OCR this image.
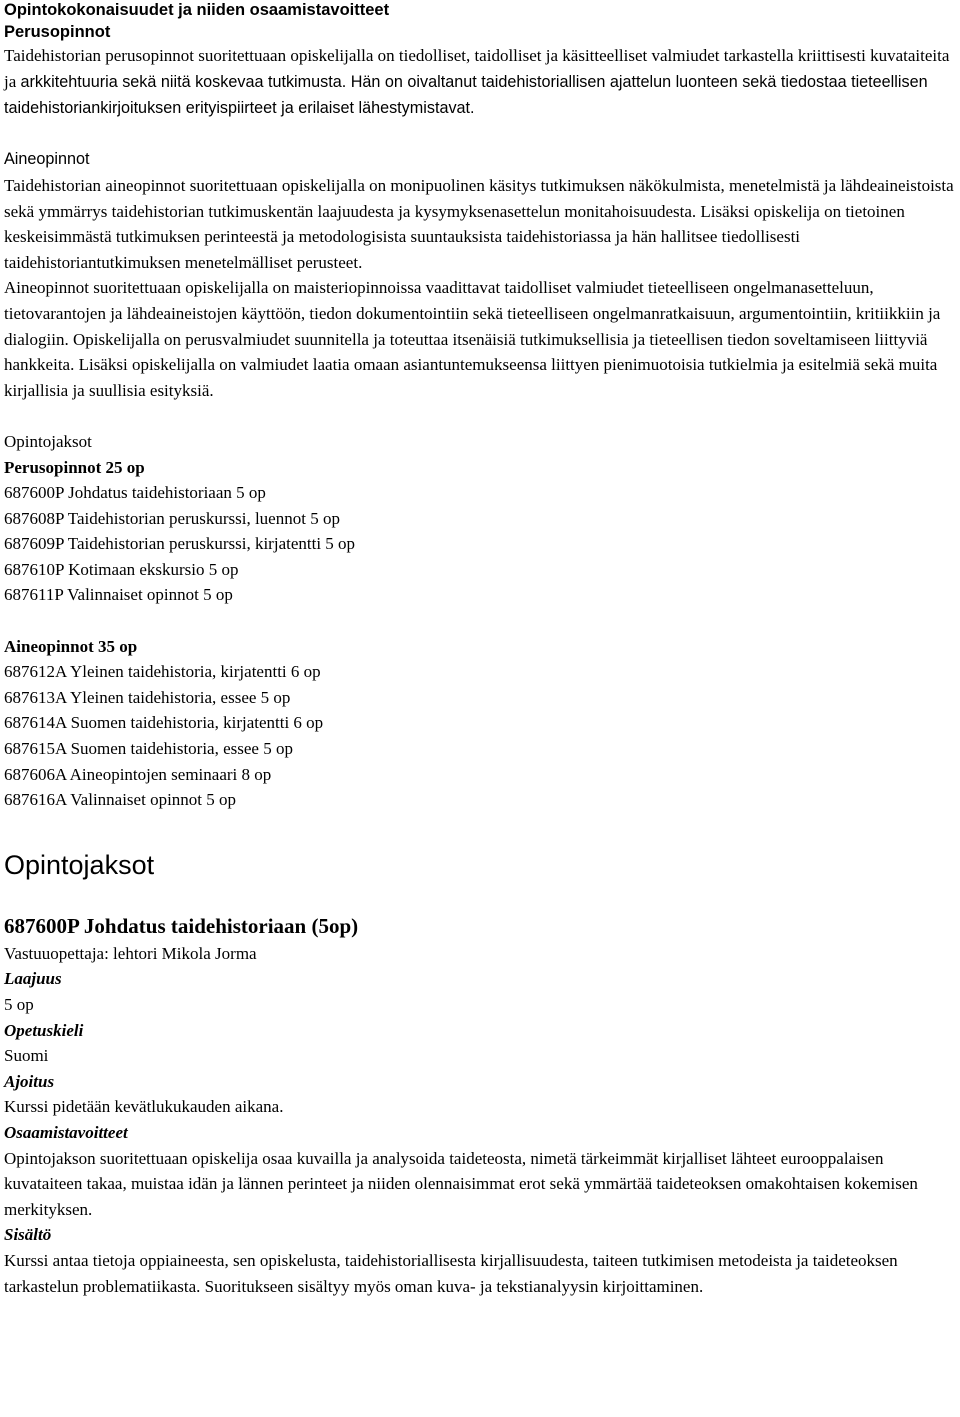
Opintokokonaisuudet ja niiden osaamistavoitteet
Perusopinnot

Taidehistorian perusopinnot suoritettuaan opiskelijalla on tiedolliset, taidolliset ja käsitteelliset valmiudet tarkastella kriittisesti kuvataiteita ja arkkitehtuuria sekä niitä koskevaa tutkimusta. Hän on oivaltanut taidehistoriallisen ajattelun luonteen sekä tiedostaa tieteellisen taidehistoriankirjoituksen erityispiirteet ja erilaiset lähestymistavat.

Aineopinnot

Taidehistorian aineopinnot suoritettuaan opiskelijalla on monipuolinen käsitys tutkimuksen näkökulmista, menetelmistä ja lähdeaineistoista sekä ymmärrys taidehistorian tutkimuskentän laajuudesta ja kysymyksenasettelun monitahoisuudesta. Lisäksi opiskelija on tietoinen keskeisimmästä tutkimuksen perinteestä ja metodologisista suuntauksista taidehistoriassa ja hän hallitsee tiedollisesti taidehistoriantutkimuksen menetelmälliset perusteet.

Aineopinnot suoritettuaan opiskelijalla on maisteriopinnoissa vaadittavat taidolliset valmiudet tieteelliseen ongelmanasetteluun, tietovarantojen ja lähdeaineistojen käyttöön, tiedon dokumentointiin sekä tieteelliseen ongelmanratkaisuun, argumentointiin, kritiikkiin ja dialogiin. Opiskelijalla on perusvalmiudet suunnitella ja toteuttaa itsenäisiä tutkimuksellisia ja tieteellisen tiedon soveltamiseen liittyviä hankkeita. Lisäksi opiskelijalla on valmiudet laatia omaan asiantuntemukseensa liittyen pienimuotoisia tutkielmia ja esitelmiä sekä muita kirjallisia ja suullisia esityksiä.

Opintojaksot
Perusopinnot 25 op
687600P Johdatus taidehistoriaan 5 op
687608P Taidehistorian peruskurssi, luennot 5 op
687609P Taidehistorian peruskurssi, kirjatentti 5 op
687610P Kotimaan ekskursio 5 op
687611P Valinnaiset opinnot 5 op
Aineopinnot 35 op
687612A Yleinen taidehistoria, kirjatentti 6 op
687613A Yleinen taidehistoria, essee 5 op
687614A Suomen taidehistoria, kirjatentti 6 op
687615A Suomen taidehistoria, essee 5 op
687606A Aineopintojen seminaari 8 op
687616A Valinnaiset opinnot 5 op
Opintojaksot
687600P Johdatus taidehistoriaan (5op)
Vastuuopettaja: lehtori Mikola Jorma
Laajuus
5 op
Opetuskieli
Suomi
Ajoitus
Kurssi pidetään kevätlukukauden aikana.
Osaamistavoitteet

Opintojakson suoritettuaan opiskelija osaa kuvailla ja analysoida taideteosta, nimetä tärkeimmät kirjalliset lähteet eurooppalaisen kuvataiteen takaa, muistaa idän ja lännen perinteet ja niiden olennaisimmat erot sekä ymmärtää taideteoksen omakohtaisen kokemisen merkityksen.

Sisältö

Kurssi antaa tietoja oppiaineesta, sen opiskelusta, taidehistoriallisesta kirjallisuudesta, taiteen tutkimisen metodeista ja taideteoksen tarkastelun problematiikasta. Suoritukseen sisältyy myös oman kuva- ja tekstianalyysin kirjoittaminen.
